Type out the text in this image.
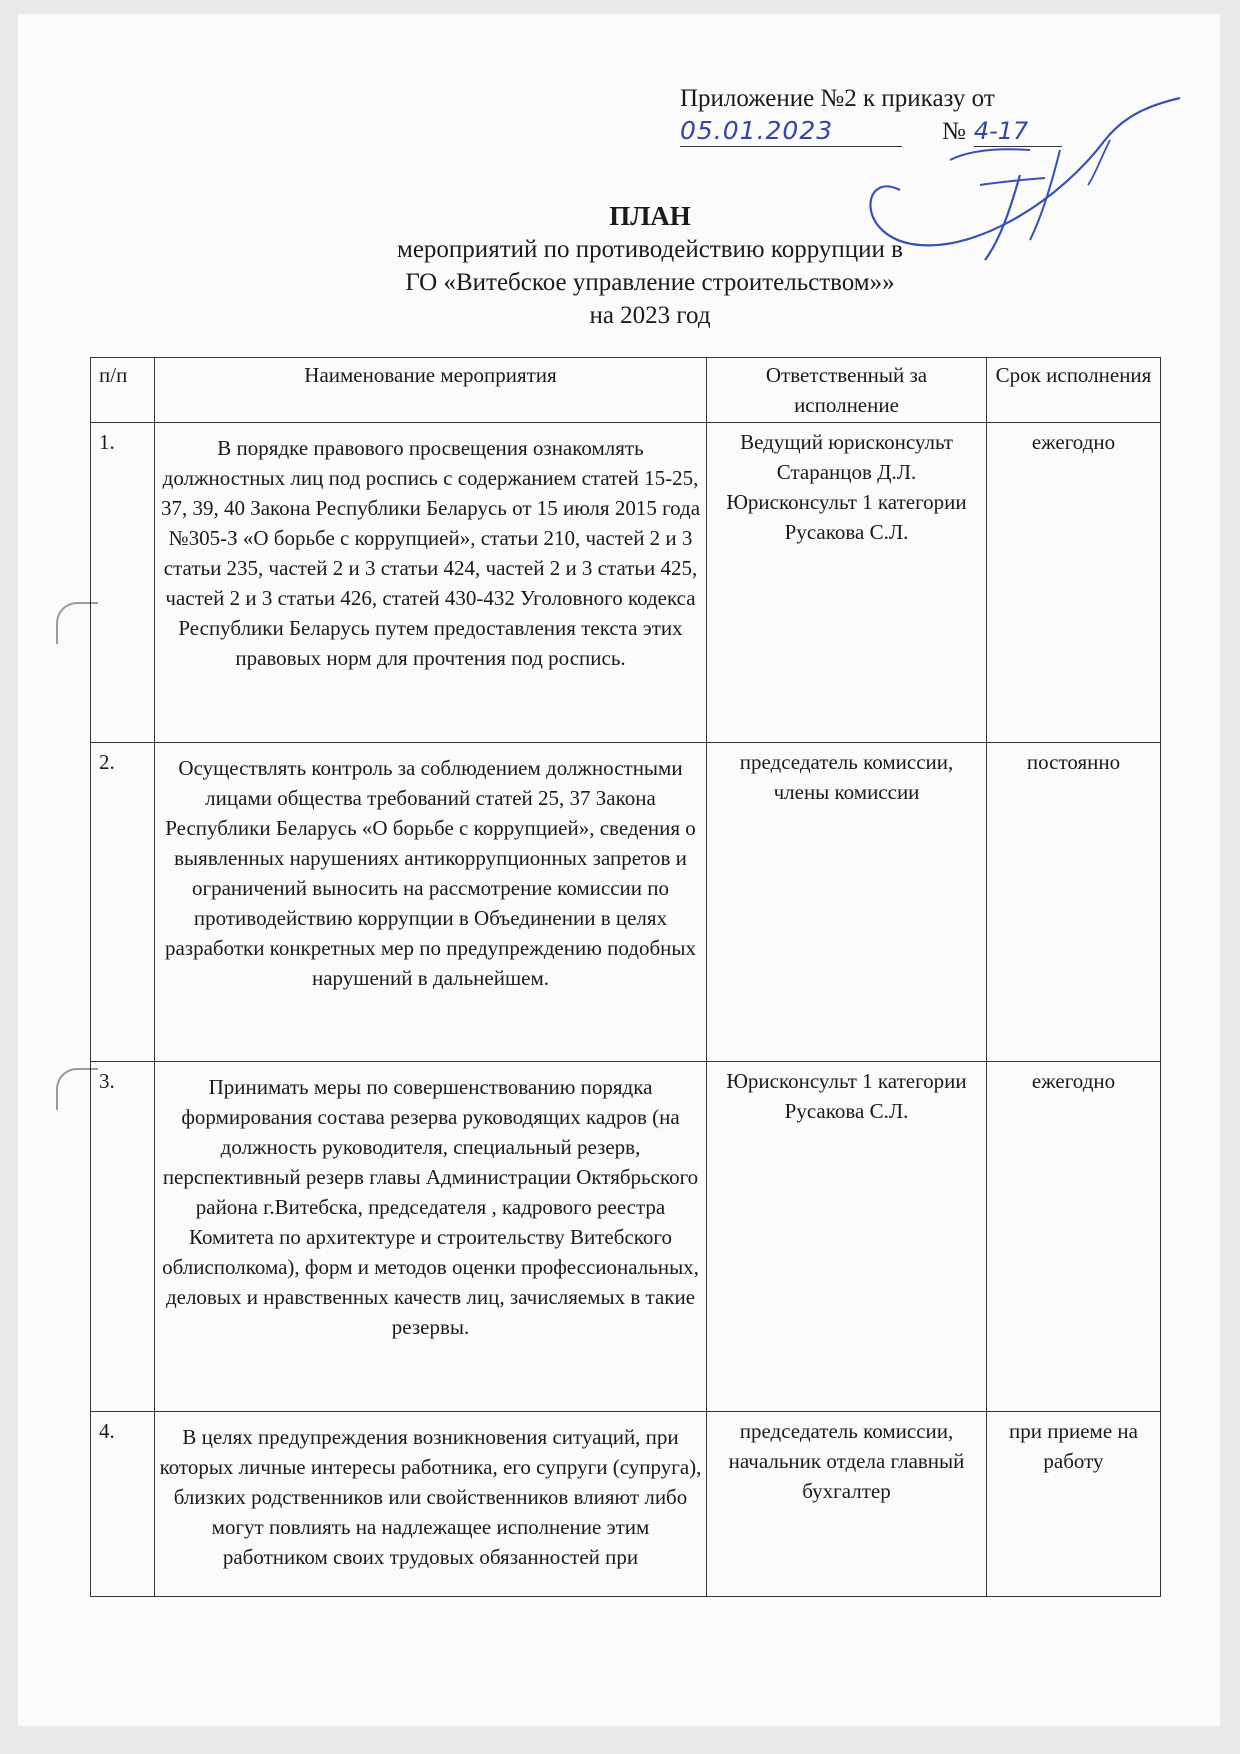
Приложение №2 к приказу от
05.01.2023	№ 4-17
ПЛАН
мероприятий по противодействию коррупции в
ГО «Витебское управление строительством»»
на 2023 год
п/п	Наименование мероприятия	Ответственный за исполнение	Срок исполнения
1.	В порядке правового просвещения ознакомлять должностных лиц под роспись с содержанием статей 15-25, 37, 39, 40 Закона Республики Беларусь от 15 июля 2015 года №305-З «О борьбе с коррупцией», статьи 210, частей 2 и 3 статьи 235, частей 2 и 3 статьи 424, частей 2 и 3 статьи 425, частей 2 и 3 статьи 426, статей 430-432 Уголовного кодекса Республики Беларусь путем предоставления текста этих правовых норм для прочтения под роспись.	Ведущий юрисконсульт Старанцов Д.Л. Юрисконсульт 1 категории Русакова С.Л.	ежегодно
2.	Осуществлять контроль за соблюдением должностными лицами общества требований статей 25, 37 Закона Республики Беларусь «О борьбе с коррупцией», сведения о выявленных нарушениях антикоррупционных запретов и ограничений выносить на рассмотрение комиссии по противодействию коррупции в Объединении в целях разработки конкретных мер по предупреждению подобных нарушений в дальнейшем.	председатель комиссии, члены комиссии	постоянно
3.	Принимать меры по совершенствованию порядка формирования состава резерва руководящих кадров (на должность руководителя, специальный резерв, перспективный резерв главы Администрации Октябрьского района г.Витебска, председателя , кадрового реестра Комитета по архитектуре и строительству Витебского облисполкома), форм и методов оценки профессиональных, деловых и нравственных качеств лиц, зачисляемых в такие резервы.	Юрисконсульт 1 категории Русакова С.Л.	ежегодно
4.	В целях предупреждения возникновения ситуаций, при которых личные интересы работника, его супруги (супруга), близких родственников или свойственников влияют либо могут повлиять на надлежащее исполнение этим работником своих трудовых обязанностей при	председатель комиссии, начальник отдела главный бухгалтер	при приеме на работу
